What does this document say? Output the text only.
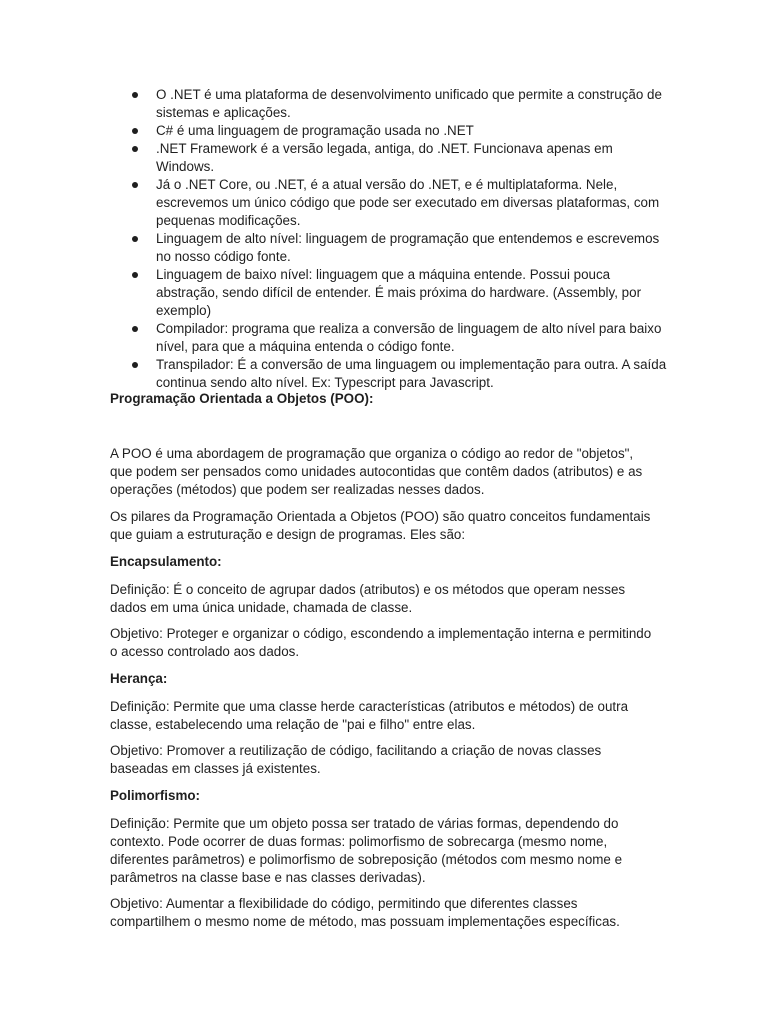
O .NET é uma plataforma de desenvolvimento unificado que permite a construção de sistemas e aplicações.
C# é uma linguagem de programação usada no .NET
.NET Framework é a versão legada, antiga, do .NET. Funcionava apenas em Windows.
Já o .NET Core, ou .NET, é a atual versão do .NET, e é multiplataforma. Nele, escrevemos um único código que pode ser executado em diversas plataformas, com pequenas modificações.
Linguagem de alto nível: linguagem de programação que entendemos e escrevemos no nosso código fonte.
Linguagem de baixo nível: linguagem que a máquina entende. Possui pouca abstração, sendo difícil de entender. É mais próxima do hardware. (Assembly, por exemplo)
Compilador: programa que realiza a conversão de linguagem de alto nível para baixo nível, para que a máquina entenda o código fonte.
Transpilador: É a conversão de uma linguagem ou implementação para outra. A saída continua sendo alto nível. Ex: Typescript para Javascript.

Programação Orientada a Objetos (POO):

A POO é uma abordagem de programação que organiza o código ao redor de "objetos", que podem ser pensados como unidades autocontidas que contêm dados (atributos) e as operações (métodos) que podem ser realizadas nesses dados.

Os pilares da Programação Orientada a Objetos (POO) são quatro conceitos fundamentais que guiam a estruturação e design de programas. Eles são:

Encapsulamento:

Definição: É o conceito de agrupar dados (atributos) e os métodos que operam nesses dados em uma única unidade, chamada de classe.

Objetivo: Proteger e organizar o código, escondendo a implementação interna e permitindo o acesso controlado aos dados.

Herança:

Definição: Permite que uma classe herde características (atributos e métodos) de outra classe, estabelecendo uma relação de "pai e filho" entre elas.

Objetivo: Promover a reutilização de código, facilitando a criação de novas classes baseadas em classes já existentes.

Polimorfismo:

Definição: Permite que um objeto possa ser tratado de várias formas, dependendo do contexto. Pode ocorrer de duas formas: polimorfismo de sobrecarga (mesmo nome, diferentes parâmetros) e polimorfismo de sobreposição (métodos com mesmo nome e parâmetros na classe base e nas classes derivadas).

Objetivo: Aumentar a flexibilidade do código, permitindo que diferentes classes compartilhem o mesmo nome de método, mas possuam implementações específicas.
